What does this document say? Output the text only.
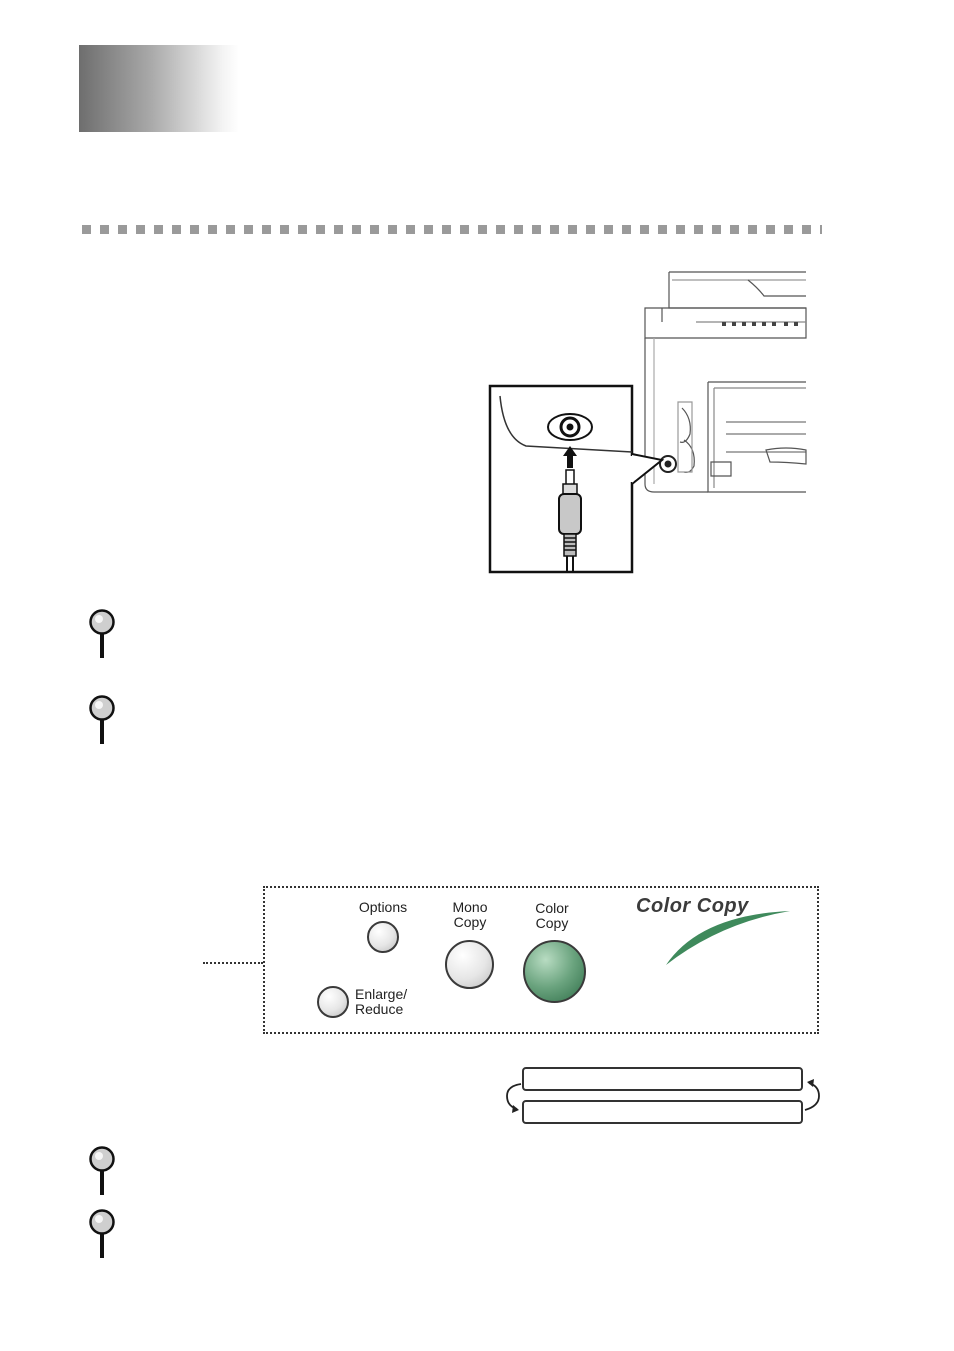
Options	Mono
Copy
Color
Copy
Enlarge/
Reduce
Color Copy
